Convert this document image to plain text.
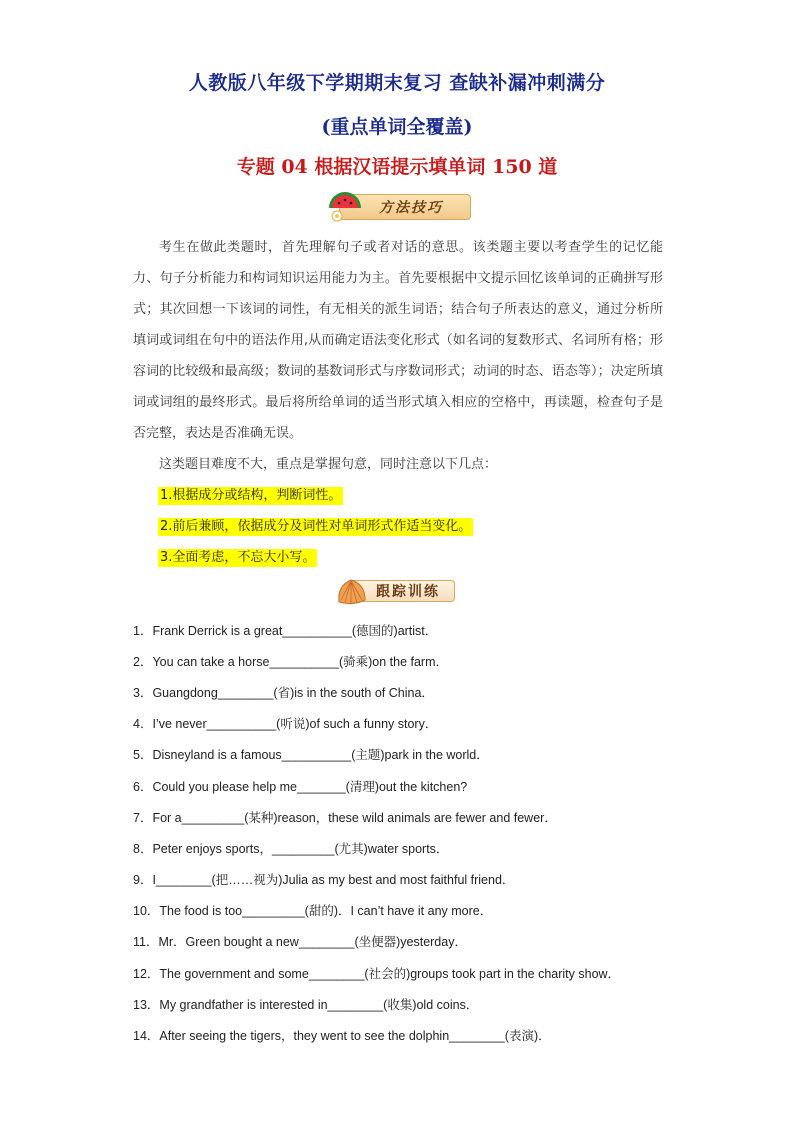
人教版八年级下学期期末复习 查缺补漏冲刺满分
(重点单词全覆盖)
专题 04 根据汉语提示填单词 150 道
方法技巧

考生在做此类题时，首先理解句子或者对话的意思。该类题主要以考查学生的记忆能力、句子分析能力和构词知识运用能力为主。首先要根据中文提示回忆该单词的正确拼写形式；其次回想一下该词的词性，有无相关的派生词语；结合句子所表达的意义，通过分析所填词或词组在句中的语法作用,从而确定语法变化形式（如名词的复数形式、名词所有格；形容词的比较级和最高级；数词的基数词形式与序数词形式；动词的时态、语态等）；决定所填词或词组的最终形式。最后将所给单词的适当形式填入相应的空格中，再读题，检查句子是否完整，表达是否准确无误。

这类题目难度不大，重点是掌握句意，同时注意以下几点：

1.根据成分或结构，判断词性。
2.前后兼顾，依据成分及词性对单词形式作适当变化。
3.全面考虑，不忘大小写。
跟踪训练
1．Frank Derrick is a great__________(德国的)artist．
2．You can take a horse__________(骑乘)on the farm．
3．Guangdong________(省)is in the south of China．
4．I’ve never__________(听说)of such a funny story．
5．Disneyland is a famous__________(主题)park in the world．
6．Could you please help me_______(清理)out the kitchen?
7．For a_________(某种)reason，these wild animals are fewer and fewer．
8．Peter enjoys sports，_________(尤其)water sports．
9．I________(把……视为)Julia as my best and most faithful friend．
10．The food is too_________(甜的)．I can’t have it any more．
11．Mr．Green bought a new________(坐便器)yesterday．
12．The government and some________(社会的)groups took part in the charity show．
13．My grandfather is interested in________(收集)old coins．
14．After seeing the tigers，they went to see the dolphin________(表演)．
